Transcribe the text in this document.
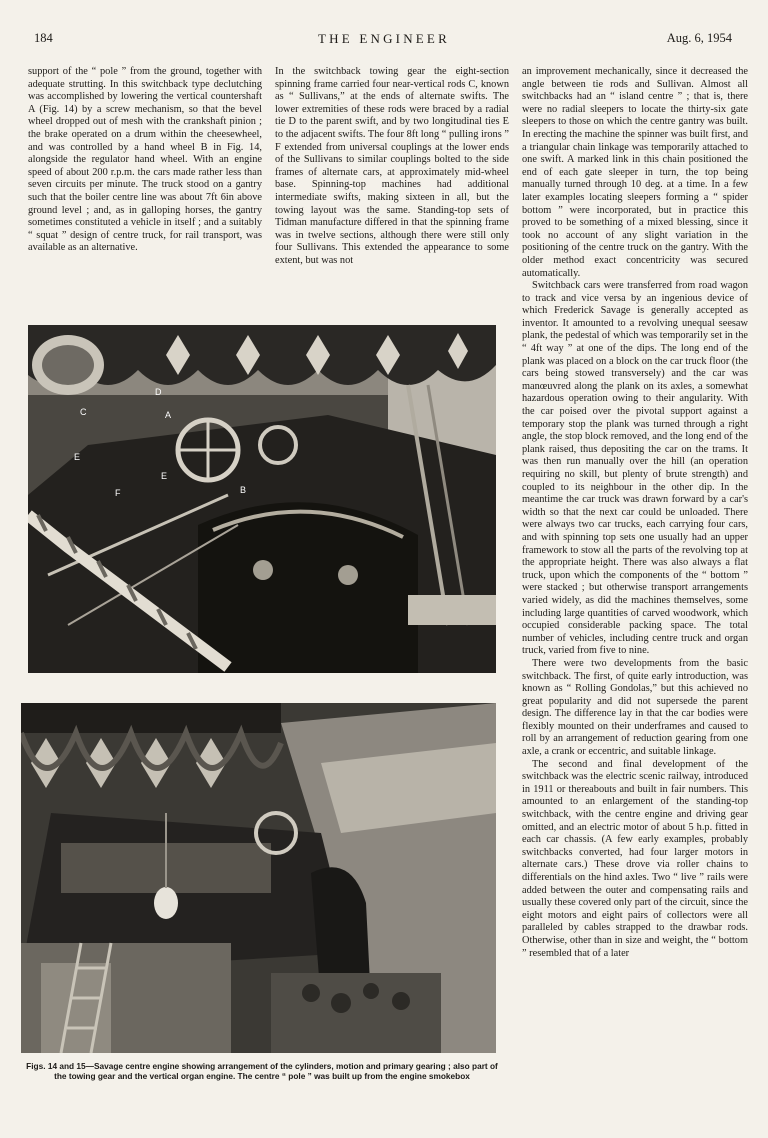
184	THE ENGINEER	Aug. 6, 1954

support of the “ pole ” from the ground, together with adequate strutting. In this switchback type declutching was accomplished by lowering the vertical countershaft A (Fig. 14) by a screw mechanism, so that the bevel wheel dropped out of mesh with the crankshaft pinion ; the brake operated on a drum within the cheesewheel, and was controlled by a hand wheel B in Fig. 14, alongside the regulator hand wheel. With an engine speed of about 200 r.p.m. the cars made rather less than seven circuits per minute. The truck stood on a gantry such that the boiler centre line was about 7ft 6in above ground level ; and, as in galloping horses, the gantry sometimes constituted a vehicle in itself ; and a suitably “ squat ” design of centre truck, for rail transport, was available as an alternative.

In the switchback towing gear the eight-section spinning frame carried four near-vertical rods C, known as “ Sullivans,” at the ends of alternate swifts. The lower extremities of these rods were braced by a radial tie D to the parent swift, and by two longitudinal ties E to the adjacent swifts. The four 8ft long “ pulling irons ” F extended from universal couplings at the lower ends of the Sullivans to similar couplings bolted to the side frames of alternate cars, at approximately mid-wheel base. Spinning-top machines had additional intermediate swifts, making sixteen in all, but the towing layout was the same. Standing-top sets of Tidman manufacture differed in that the spinning frame was in twelve sections, although there were still only four Sullivans. This extended the appearance to some extent, but was not

an improvement mechanically, since it decreased the angle between tie rods and Sullivan. Almost all switchbacks had an “ island centre ” ; that is, there were no radial sleepers to locate the thirty-six gate sleepers to those on which the centre gantry was built. In erecting the machine the spinner was built first, and a triangular chain linkage was temporarily attached to one swift. A marked link in this chain positioned the end of each gate sleeper in turn, the top being manually turned through 10 deg. at a time. In a few later examples locating sleepers forming a “ spider bottom ” were incorporated, but in practice this proved to be something of a mixed blessing, since it took no account of any slight variation in the positioning of the centre truck on the gantry. With the older method exact concentricity was secured automatically.

Switchback cars were transferred from road wagon to track and vice versa by an ingenious device of which Frederick Savage is generally accepted as inventor. It amounted to a revolving unequal seesaw plank, the pedestal of which was temporarily set in the “ 4ft way ” at one of the dips. The long end of the plank was placed on a block on the car truck floor (the cars being stowed transversely) and the car was manœuvred along the plank on its axles, a somewhat hazardous operation owing to their angularity. With the car poised over the pivotal support against a temporary stop the plank was turned through a right angle, the stop block removed, and the long end of the plank raised, thus depositing the car on the trams. It was then run manually over the hill (an operation requiring no skill, but plenty of brute strength) and coupled to its neighbour in the other dip. In the meantime the car truck was drawn forward by a car's width so that the next car could be unloaded. There were always two car trucks, each carrying four cars, and with spinning top sets one usually had an upper framework to stow all the parts of the revolving top at the appropriate height. There was also always a flat truck, upon which the components of the “ bottom ” were stacked ; but otherwise transport arrangements varied widely, as did the machines themselves, some including large quantities of carved woodwork, which occupied considerable packing space. The total number of vehicles, including centre truck and organ truck, varied from five to nine.

There were two developments from the basic switchback. The first, of quite early introduction, was known as “ Rolling Gondolas,” but this achieved no great popularity and did not supersede the parent design. The difference lay in that the car bodies were flexibly mounted on their underframes and caused to roll by an arrangement of reduction gearing from one axle, a crank or eccentric, and suitable linkage.

The second and final development of the switchback was the electric scenic railway, introduced in 1911 or thereabouts and built in fair numbers. This amounted to an enlargement of the standing-top switchback, with the centre engine and driving gear omitted, and an electric motor of about 5 h.p. fitted in each car chassis. (A few early examples, probably switchbacks converted, had four larger motors in alternate cars.) These drove via roller chains to differentials on the hind axles. Two “ live ” rails were added between the outer and compensating rails and usually these covered only part of the circuit, since the eight motors and eight pairs of collectors were all paralleled by cables strapped to the drawbar rods. Otherwise, other than in size and weight, the “ bottom ” resembled that of a later

C
D
A
E
E
F	B
Figs. 14 and 15—Savage centre engine showing arrangement of the cylinders, motion and primary gearing ; also part of the towing gear and the vertical organ engine. The centre “ pole ” was built up from the engine smokebox
